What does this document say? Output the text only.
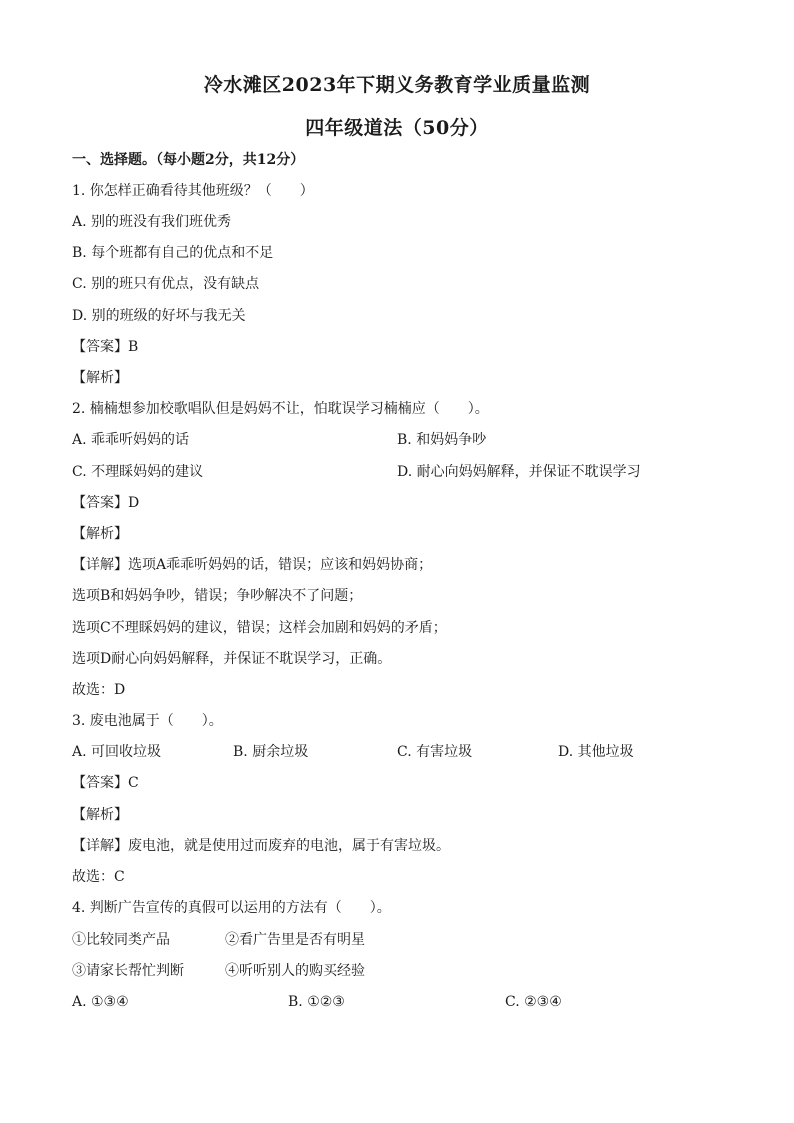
冷水滩区2023年下期义务教育学业质量监测
四年级道法（50分）
一、选择题。（每小题2分，共12分）
1. 你怎样正确看待其他班级？（　　）
A. 别的班没有我们班优秀
B. 每个班都有自己的优点和不足
C. 别的班只有优点，没有缺点
D. 别的班级的好坏与我无关
【答案】B
【解析】
2. 楠楠想参加校歌唱队但是妈妈不让，怕耽误学习楠楠应（　　）。
A. 乖乖听妈妈的话	B. 和妈妈争吵
C. 不理睬妈妈的建议	D. 耐心向妈妈解释，并保证不耽误学习
【答案】D
【解析】
【详解】选项A乖乖听妈妈的话，错误；应该和妈妈协商；
选项B和妈妈争吵，错误；争吵解决不了问题；
选项C不理睬妈妈的建议，错误；这样会加剧和妈妈的矛盾；
选项D耐心向妈妈解释，并保证不耽误学习，正确。
故选：D
3. 废电池属于（　　）。
A. 可回收垃圾	B. 厨余垃圾	C. 有害垃圾	D. 其他垃圾
【答案】C
【解析】
【详解】废电池，就是使用过而废弃的电池，属于有害垃圾。
故选：C
4. 判断广告宣传的真假可以运用的方法有（　　）。
①比较同类产品	②看广告里是否有明星
③请家长帮忙判断	④听听别人的购买经验
A. ①③④	B. ①②③	C. ②③④
